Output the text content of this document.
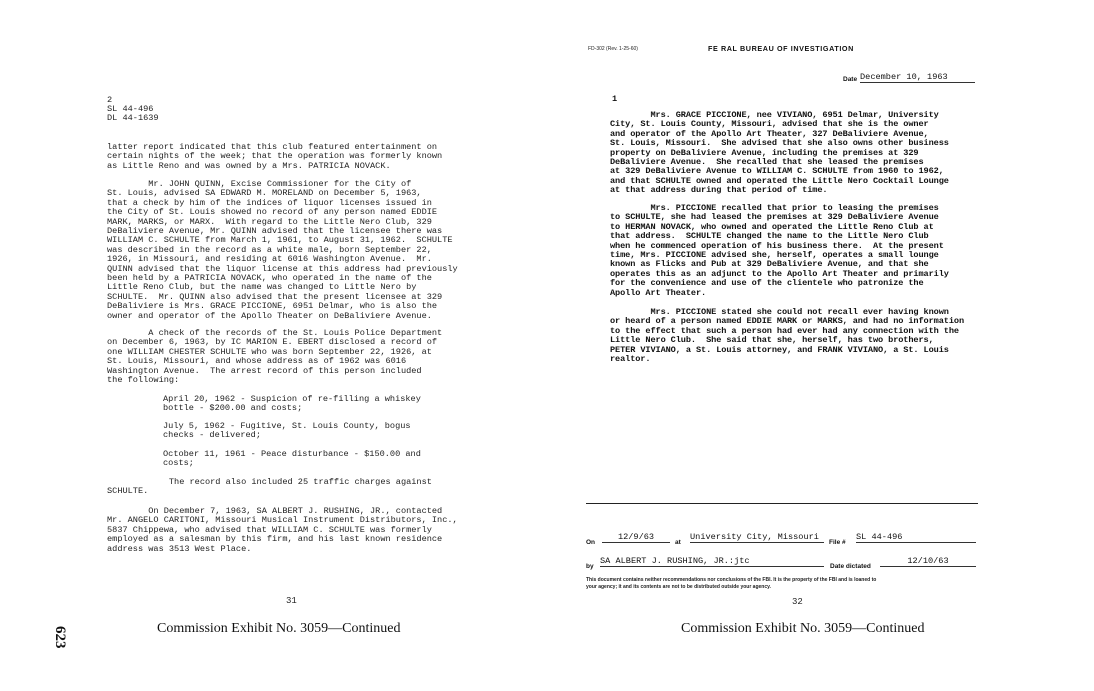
623
2
SL 44-496
DL 44-1639
latter report indicated that this club featured entertainment on
certain nights of the week; that the operation was formerly known
as Little Reno and was owned by a Mrs. PATRICIA NOVACK.
Mr. JOHN QUINN, Excise Commissioner for the City of
St. Louis, advised SA EDWARD M. MORELAND on December 5, 1963,
that a check by him of the indices of liquor licenses issued in
the City of St. Louis showed no record of any person named EDDIE
MARK, MARKS, or MARX.  With regard to the Little Nero Club, 329
DeBaliviere Avenue, Mr. QUINN advised that the licensee there was
WILLIAM C. SCHULTE from March 1, 1961, to August 31, 1962.  SCHULTE
was described in the record as a white male, born September 22,
1926, in Missouri, and residing at 6016 Washington Avenue.  Mr.
QUINN advised that the liquor license at this address had previously
been held by a PATRICIA NOVACK, who operated in the name of the
Little Reno Club, but the name was changed to Little Nero by
SCHULTE.  Mr. QUINN also advised that the present licensee at 329
DeBaliviere is Mrs. GRACE PICCIONE, 6951 Delmar, who is also the
owner and operator of the Apollo Theater on DeBaliviere Avenue.
A check of the records of the St. Louis Police Department
on December 6, 1963, by IC MARION E. EBERT disclosed a record of
one WILLIAM CHESTER SCHULTE who was born September 22, 1926, at
St. Louis, Missouri, and whose address as of 1962 was 6016
Washington Avenue.  The arrest record of this person included
the following:
April 20, 1962 - Suspicion of re-filling a whiskey
bottle - $200.00 and costs;
July 5, 1962 - Fugitive, St. Louis County, bogus
checks - delivered;
October 11, 1961 - Peace disturbance - $150.00 and
costs;
The record also included 25 traffic charges against
SCHULTE.
On December 7, 1963, SA ALBERT J. RUSHING, JR., contacted
Mr. ANGELO CARITONI, Missouri Musical Instrument Distributors, Inc.,
5837 Chippewa, who advised that WILLIAM C. SCHULTE was formerly
employed as a salesman by this firm, and his last known residence
address was 3513 West Place.
31
Commission Exhibit No. 3059—Continued
FD-302 (Rev. 1-25-60)	FE RAL BUREAU OF INVESTIGATION
Date December 10, 1963
1
Mrs. GRACE PICCIONE, nee VIVIANO, 6951 Delmar, University
City, St. Louis County, Missouri, advised that she is the owner
and operator of the Apollo Art Theater, 327 DeBaliviere Avenue,
St. Louis, Missouri.  She advised that she also owns other business
property on DeBaliviere Avenue, including the premises at 329
DeBaliviere Avenue.  She recalled that she leased the premises
at 329 DeBaliviere Avenue to WILLIAM C. SCHULTE from 1960 to 1962,
and that SCHULTE owned and operated the Little Nero Cocktail Lounge
at that address during that period of time.
Mrs. PICCIONE recalled that prior to leasing the premises
to SCHULTE, she had leased the premises at 329 DeBaliviere Avenue
to HERMAN NOVACK, who owned and operated the Little Reno Club at
that address.  SCHULTE changed the name to the Little Nero Club
when he commenced operation of his business there.  At the present
time, Mrs. PICCIONE advised she, herself, operates a small lounge
known as Flicks and Pub at 329 DeBaliviere Avenue, and that she
operates this as an adjunct to the Apollo Art Theater and primarily
for the convenience and use of the clientele who patronize the
Apollo Art Theater.
Mrs. PICCIONE stated she could not recall ever having known
or heard of a person named EDDIE MARK or MARKS, and had no information
to the effect that such a person had ever had any connection with the
Little Nero Club.  She said that she, herself, has two brothers,
PETER VIVIANO, a St. Louis attorney, and FRANK VIVIANO, a St. Louis
realtor.
On
12/9/63
at
University City, Missouri
File #
SL 44-496
by
SA ALBERT J. RUSHING, JR.:jtc
Date dictated
12/10/63
This document contains neither recommendations nor conclusions of the FBI. It is the property of the FBI and is loaned to
your agency; it and its contents are not to be distributed outside your agency.
32
Commission Exhibit No. 3059—Continued
